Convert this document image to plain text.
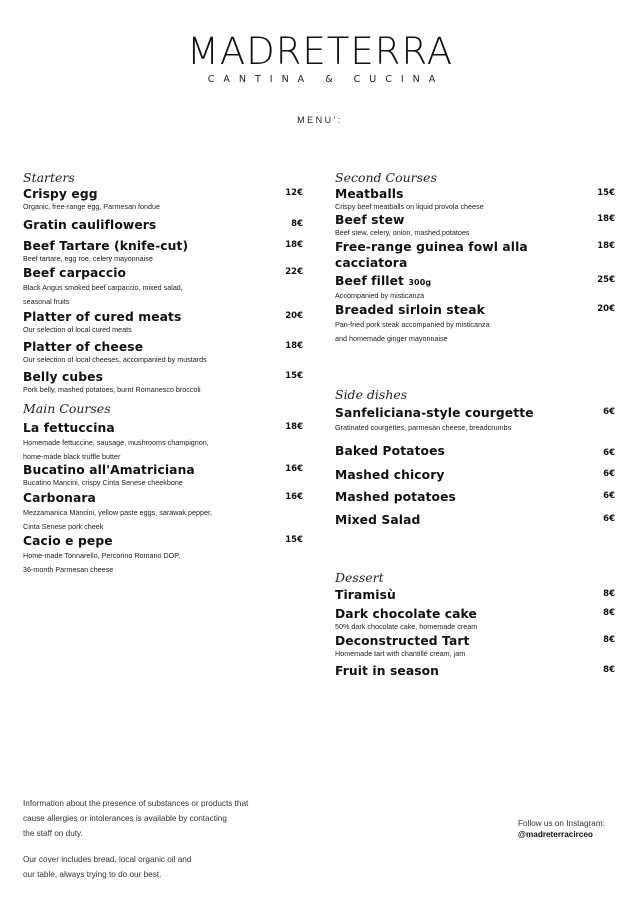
MADRETERRA
CANTINA & CUCINA
MENU':
Starters
Crispy egg
Organic, free-range egg, Parmesan fondue
12€
Gratin cauliflowers	8€
Beef Tartare (knife-cut)
Beef tartare, egg roe, celery mayonnaise
18€
Beef carpaccio
Black Angus smoked beef carpaccio, mixed salad,
seasonal fruits
22€
Platter of cured meats
Our selection of local cured meats
20€
Platter of cheese
Our selection of local cheeses, accompanied by mustards
18€
Belly cubes
Pork belly, mashed potatoes, burnt Romanesco broccoli
15€
Main Courses
La fettuccina
Homemade fettuccine, sausage, mushrooms champignon,
home-made black truffle butter
18€
Bucatino all'Amatriciana
Bucatino Mancini, crispy Cinta Senese cheekbone
16€
Carbonara
Mezzamanica Mancini, yellow paste eggs, sarawak pepper,
Cinta Senese pork cheek
16€
Cacio e pepe
Home-made Tonnarello, Percorino Romano DOP,
36-month Parmesan cheese
15€
Second Courses
Meatballs
Crispy beef meatballs on liquid provola cheese
15€
Beef stew
Beef stew, celery, onion, mashed potatoes
18€
Free-range guinea fowl alla
cacciatora
18€
Beef fillet 300g
Accompanied by misticanza
25€
Breaded sirloin steak
Pan-fried pork steak accompanied by misticanza
and homemade ginger mayonnaise
20€
Side dishes
Sanfeliciana-style courgette
Gratinated courgettes, parmesan cheese, breadcrumbs
6€
Baked Potatoes	6€
Mashed chicory	6€
Mashed potatoes	6€
Mixed Salad	6€
Dessert
Tiramisù	8€
Dark chocolate cake
50% dark chocolate cake, homemade cream
8€
Deconstructed Tart
Homemade tart with chantillé cream, jam
8€
Fruit in season	8€

Information about the presence of substances or products that
cause allergies or intolerances is available by contacting
the staff on duty.

Our cover includes bread, local organic oil and
our table, always trying to do our best.

Follow us on Instagram:
@madreterracirceo
